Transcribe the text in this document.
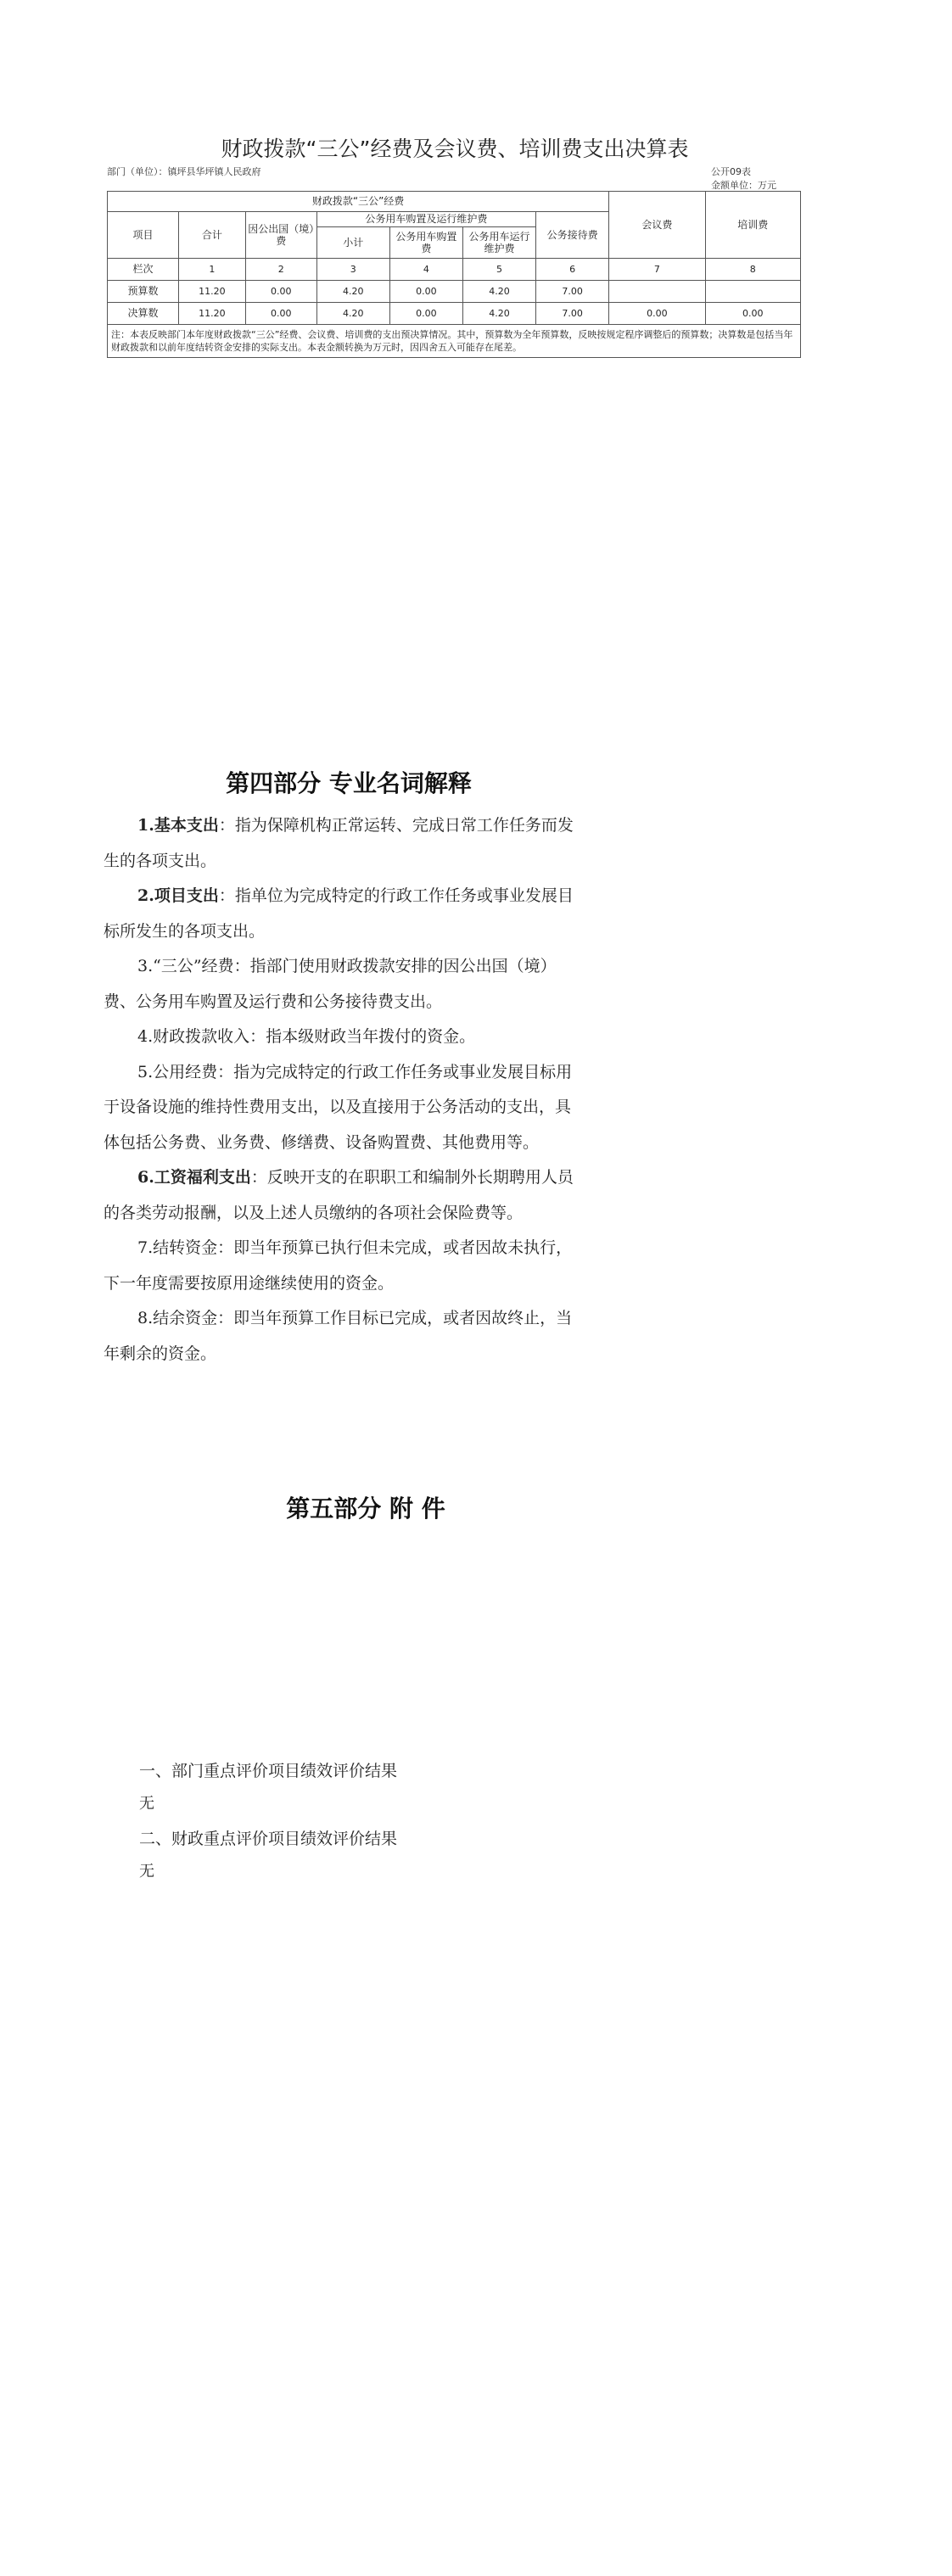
财政拨款“三公”经费及会议费、培训费支出决算表
部门（单位）：镇坪县华坪镇人民政府	公开09表
金额单位：万元
财政拨款“三公”经费							会议费	培训费
项目	合计	因公出国（境）费	公务用车购置及运行维护费			公务接待费		
			小计	公务用车购置费	公务用车运行维护费			
栏次	1	2	3	4	5	6	7	8
预算数	11.20	0.00	4.20	0.00	4.20	7.00		
决算数	11.20	0.00	4.20	0.00	4.20	7.00	0.00	0.00
注：本表反映部门本年度财政拨款“三公”经费、会议费、培训费的支出预决算情况。其中，预算数为全年预算数，反映按规定程序调整后的预算数；决算数是包括当年财政拨款和以前年度结转资金安排的实际支出。本表金额转换为万元时，因四舍五入可能存在尾差。								
第四部分 专业名词解释

1.基本支出：指为保障机构正常运转、完成日常工作任务而发生的各项支出。

2.项目支出：指单位为完成特定的行政工作任务或事业发展目标所发生的各项支出。

3.“三公”经费：指部门使用财政拨款安排的因公出国（境）费、公务用车购置及运行费和公务接待费支出。

4.财政拨款收入：指本级财政当年拨付的资金。

5.公用经费：指为完成特定的行政工作任务或事业发展目标用于设备设施的维持性费用支出，以及直接用于公务活动的支出，具体包括公务费、业务费、修缮费、设备购置费、其他费用等。

6.工资福利支出：反映开支的在职职工和编制外长期聘用人员的各类劳动报酬，以及上述人员缴纳的各项社会保险费等。

7.结转资金：即当年预算已执行但未完成，或者因故未执行，下一年度需要按原用途继续使用的资金。

8.结余资金：即当年预算工作目标已完成，或者因故终止，当年剩余的资金。

第五部分 附 件
一、部门重点评价项目绩效评价结果
无
二、财政重点评价项目绩效评价结果
无
